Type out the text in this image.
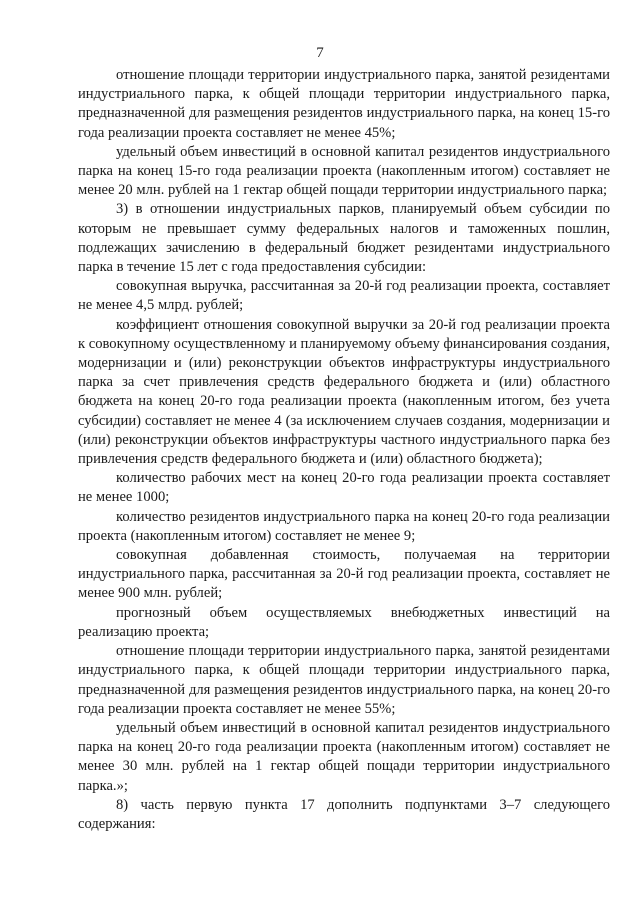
7

отношение площади территории индустриального парка, занятой резидентами индустриального парка, к общей площади территории индустриального парка, предназначенной для размещения резидентов индустриального парка, на конец 15-го года реализации проекта составляет не менее 45%;

удельный объем инвестиций в основной капитал резидентов индустриального парка на конец 15-го года реализации проекта (накопленным итогом) составляет не менее 20 млн. рублей на 1 гектар общей пощади территории индустриального парка;

3) в отношении индустриальных парков, планируемый объем субсидии по которым не превышает сумму федеральных налогов и таможенных пошлин, подлежащих зачислению в федеральный бюджет резидентами индустриального парка в течение 15 лет с года предоставления субсидии:

совокупная выручка, рассчитанная за 20-й год реализации проекта, составляет не менее 4,5 млрд. рублей;

коэффициент отношения совокупной выручки за 20-й год реализации проекта к совокупному осуществленному и планируемому объему финансирования создания, модернизации и (или) реконструкции объектов инфраструктуры индустриального парка за счет привлечения средств федерального бюджета и (или) областного бюджета на конец 20-го года реализации проекта (накопленным итогом, без учета субсидии) составляет не менее 4 (за исключением случаев создания, модернизации и (или) реконструкции объектов инфраструктуры частного индустриального парка без привлечения средств федерального бюджета и (или) областного бюджета);

количество рабочих мест на конец 20-го года реализации проекта составляет не менее 1000;

количество резидентов индустриального парка на конец 20-го года реализации проекта (накопленным итогом) составляет не менее 9;

совокупная добавленная стоимость, получаемая на территории индустриального парка, рассчитанная за 20-й год реализации проекта, составляет не менее 900 млн. рублей;

прогнозный объем осуществляемых внебюджетных инвестиций на реализацию проекта;

отношение площади территории индустриального парка, занятой резидентами индустриального парка, к общей площади территории индустриального парка, предназначенной для размещения резидентов индустриального парка, на конец 20-го года реализации проекта составляет не менее 55%;

удельный объем инвестиций в основной капитал резидентов индустриального парка на конец 20-го года реализации проекта (накопленным итогом) составляет не менее 30 млн. рублей на 1 гектар общей пощади территории индустриального парка.»;

8) часть первую пункта 17 дополнить подпунктами 3–7 следующего содержания:
